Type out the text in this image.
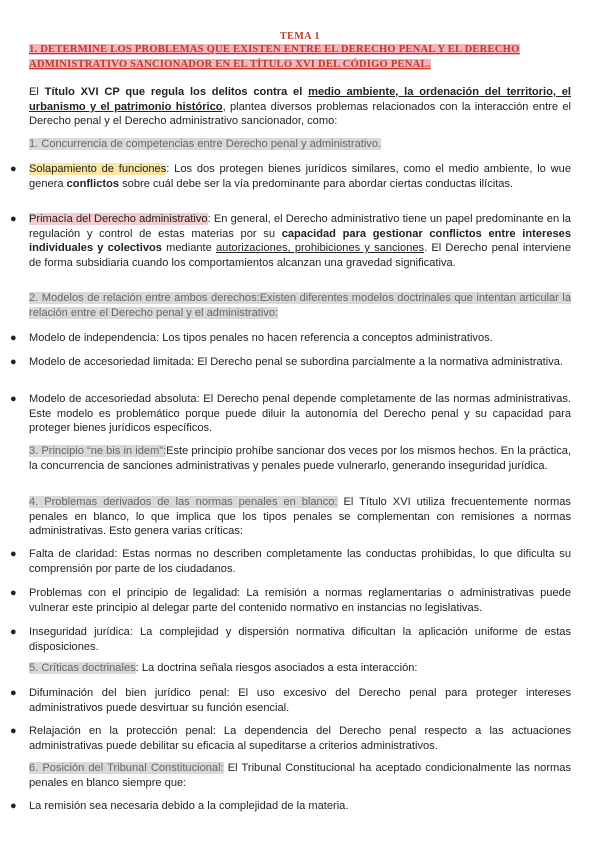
TEMA 1
1. DETERMINE LOS PROBLEMAS QUE EXISTEN ENTRE EL DERECHO PENAL Y EL DERECHO ADMINISTRATIVO SANCIONADOR EN EL TÍTULO XVI DEL CÓDIGO PENAL.
El Título XVI CP que regula los delitos contra el medio ambiente, la ordenación del territorio, el urbanismo y el patrimonio histórico, plantea diversos problemas relacionados con la interacción entre el Derecho penal y el Derecho administrativo sancionador, como:
1. Concurrencia de competencias entre Derecho penal y administrativo.
● Solapamiento de funciones: Los dos protegen bienes jurídicos similares, como el medio ambiente, lo wue genera conflictos sobre cuál debe ser la vía predominante para abordar ciertas conductas ilícitas.
● Primacía del Derecho administrativo: En general, el Derecho administrativo tiene un papel predominante en la regulación y control de estas materias por su capacidad para gestionar conflictos entre intereses individuales y colectivos mediante autorizaciones, prohibiciones y sanciones. El Derecho penal interviene de forma subsidiaria cuando los comportamientos alcanzan una gravedad significativa.
2. Modelos de relación entre ambos derechos:Existen diferentes modelos doctrinales que intentan articular la relación entre el Derecho penal y el administrativo:
● Modelo de independencia: Los tipos penales no hacen referencia a conceptos administrativos.
● Modelo de accesoriedad limitada: El Derecho penal se subordina parcialmente a la normativa administrativa.
● Modelo de accesoriedad absoluta: El Derecho penal depende completamente de las normas administrativas. Este modelo es problemático porque puede diluir la autonomía del Derecho penal y su capacidad para proteger bienes jurídicos específicos.
3. Principio “ne bis in idem”:Este principio prohíbe sancionar dos veces por los mismos hechos. En la práctica, la concurrencia de sanciones administrativas y penales puede vulnerarlo, generando inseguridad jurídica.
4. Problemas derivados de las normas penales en blanco: El Título XVI utiliza frecuentemente normas penales en blanco, lo que implica que los tipos penales se complementan con remisiones a normas administrativas. Esto genera varias críticas:
● Falta de claridad: Estas normas no describen completamente las conductas prohibidas, lo que dificulta su comprensión por parte de los ciudadanos.
● Problemas con el principio de legalidad: La remisión a normas reglamentarias o administrativas puede vulnerar este principio al delegar parte del contenido normativo en instancias no legislativas.
● Inseguridad jurídica: La complejidad y dispersión normativa dificultan la aplicación uniforme de estas disposiciones.
5. Críticas doctrinales: La doctrina señala riesgos asociados a esta interacción:
● Difuminación del bien jurídico penal: El uso excesivo del Derecho penal para proteger intereses administrativos puede desvirtuar su función esencial.
● Relajación en la protección penal: La dependencia del Derecho penal respecto a las actuaciones administrativas puede debilitar su eficacia al supeditarse a criterios administrativos.
6. Posición del Tribunal Constitucional: El Tribunal Constitucional ha aceptado condicionalmente las normas penales en blanco siempre que:
● La remisión sea necesaria debido a la complejidad de la materia.
